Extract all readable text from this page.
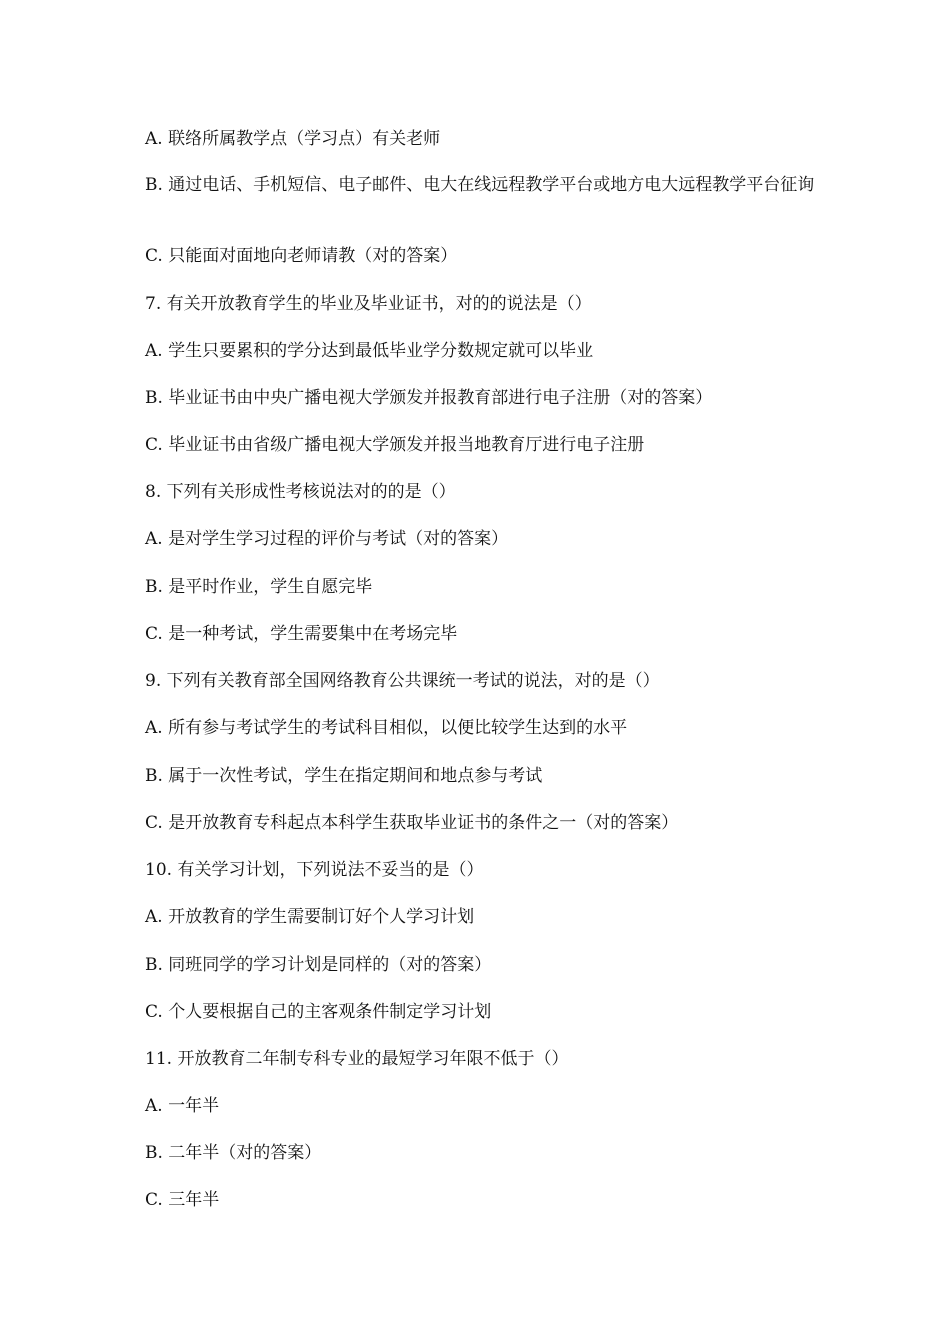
A. 联络所属教学点（学习点）有关老师
B. 通过电话、手机短信、电子邮件、电大在线远程教学平台或地方电大远程教学平台征询
C. 只能面对面地向老师请教（对的答案）
7. 有关开放教育学生的毕业及毕业证书，对的的说法是（）
A. 学生只要累积的学分达到最低毕业学分数规定就可以毕业
B. 毕业证书由中央广播电视大学颁发并报教育部进行电子注册（对的答案）
C. 毕业证书由省级广播电视大学颁发并报当地教育厅进行电子注册
8. 下列有关形成性考核说法对的的是（）
A. 是对学生学习过程的评价与考试（对的答案）
B. 是平时作业，学生自愿完毕
C. 是一种考试，学生需要集中在考场完毕
9. 下列有关教育部全国网络教育公共课统一考试的说法，对的是（）
A. 所有参与考试学生的考试科目相似，以便比较学生达到的水平
B. 属于一次性考试，学生在指定期间和地点参与考试
C. 是开放教育专科起点本科学生获取毕业证书的条件之一（对的答案）
10. 有关学习计划，下列说法不妥当的是（）
A. 开放教育的学生需要制订好个人学习计划
B. 同班同学的学习计划是同样的（对的答案）
C. 个人要根据自己的主客观条件制定学习计划
11. 开放教育二年制专科专业的最短学习年限不低于（）
A. 一年半
B. 二年半（对的答案）
C. 三年半
